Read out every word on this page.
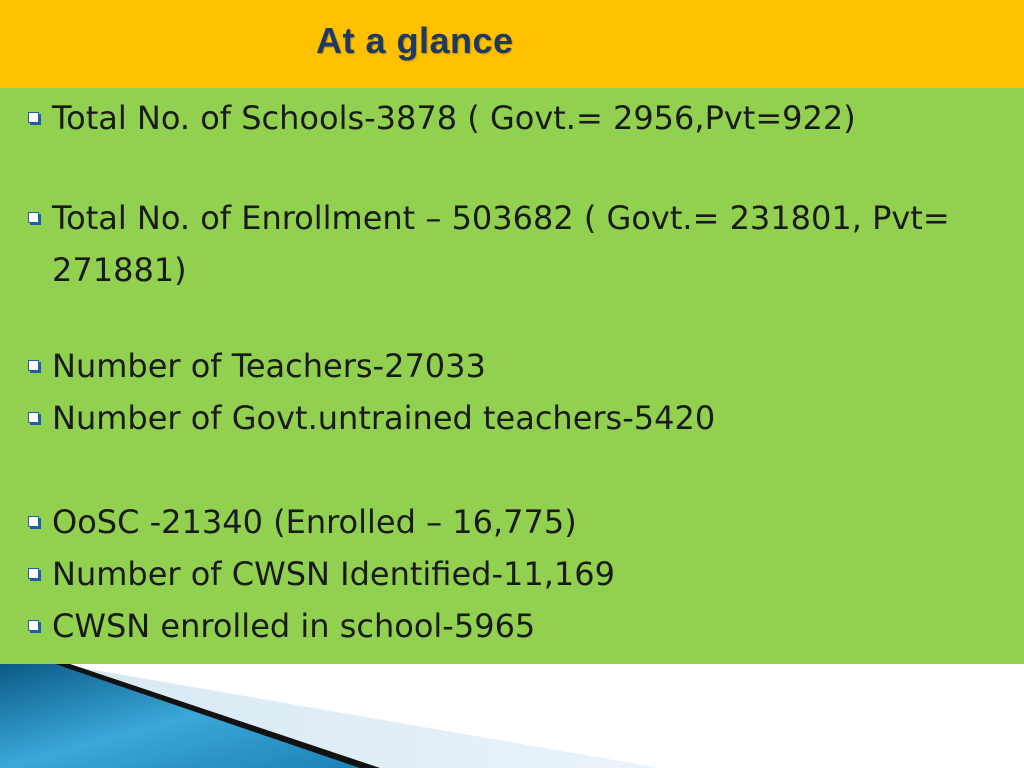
At a glance
Total No. of Schools-3878 ( Govt.= 2956,Pvt=922)
Total No. of Enrollment – 503682 ( Govt.= 231801, Pvt= 271881)
Number of Teachers-27033
Number of Govt.untrained teachers-5420
OoSC -21340 (Enrolled – 16,775)
Number of CWSN Identified-11,169
CWSN enrolled in school-5965
